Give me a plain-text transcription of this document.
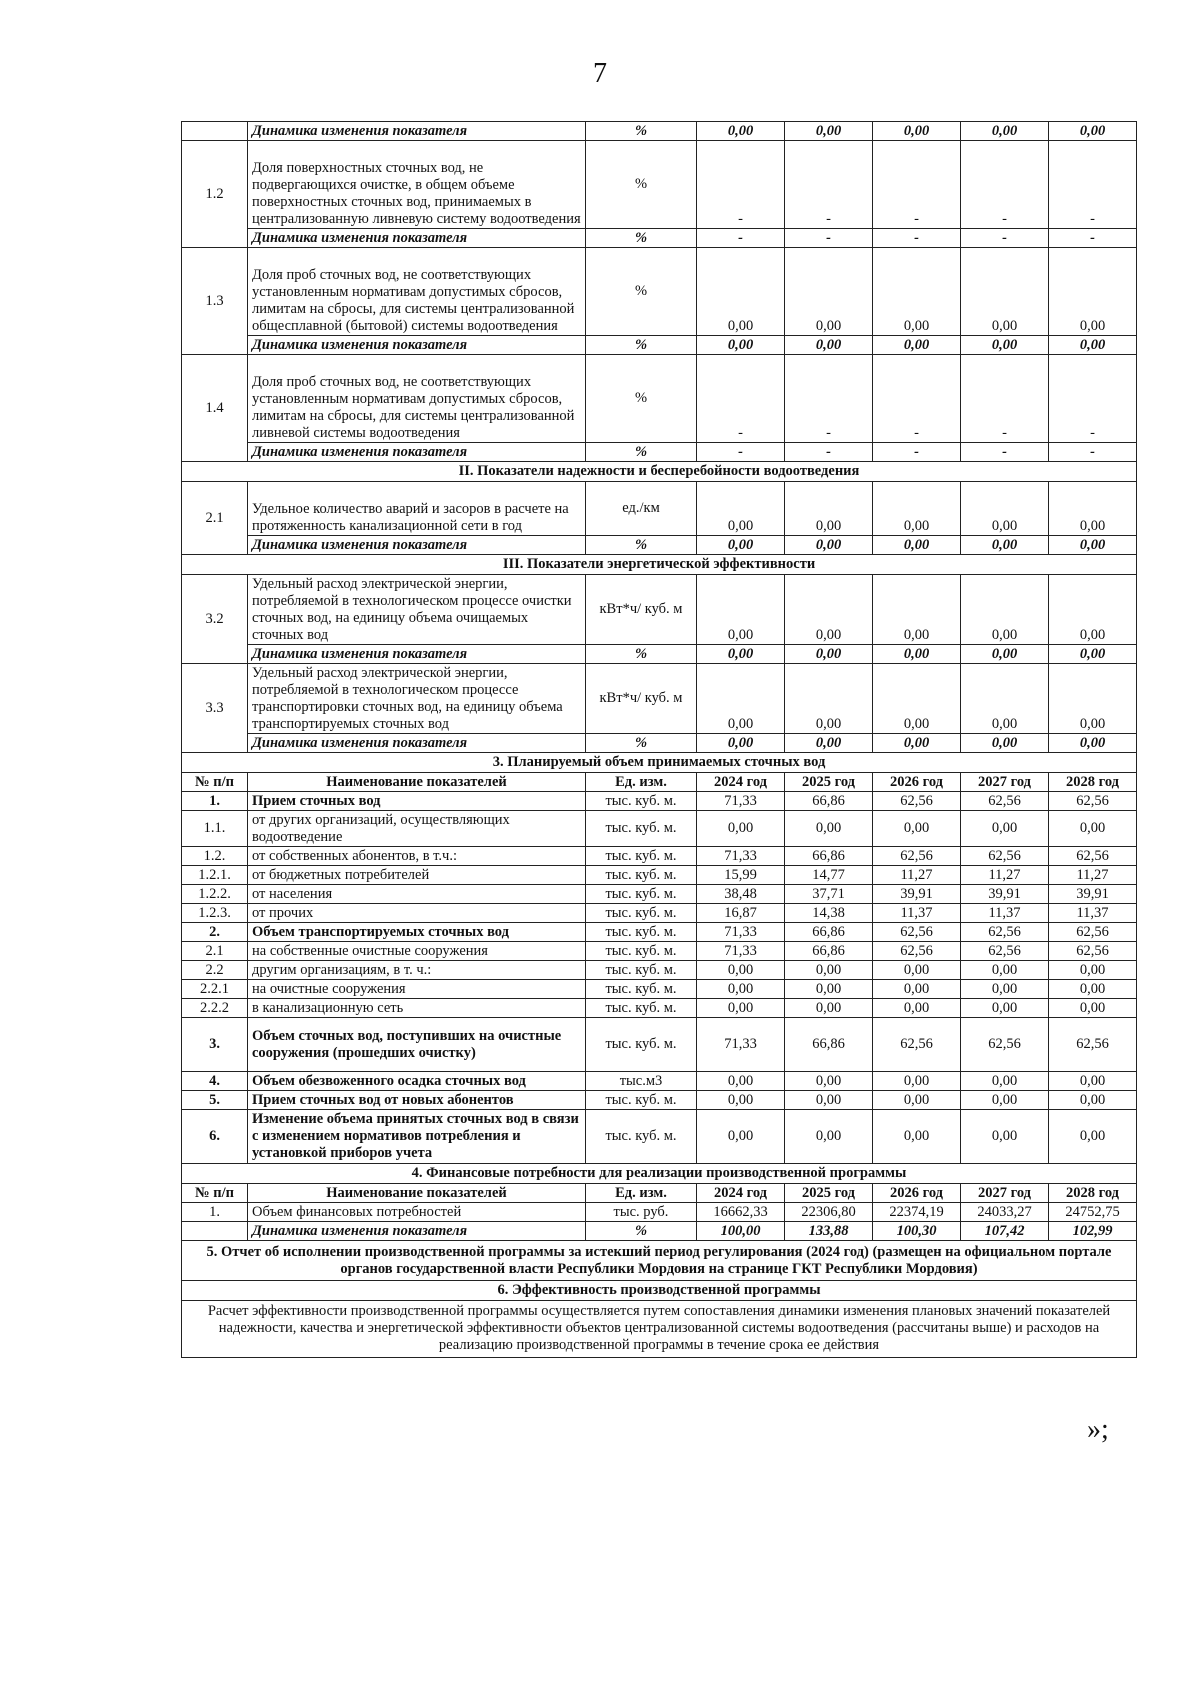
7
	Динамика изменения показателя	%	0,00	0,00	0,00	0,00	0,00
1.2	Доля поверхностных сточных вод, не подвергающихся очистке, в общем объеме поверхностных сточных вод, принимаемых в централизованную ливневую систему водоотведения	%	-	-	-	-	-
	Динамика изменения показателя	%	-	-	-	-	-
1.3	Доля проб сточных вод, не соответствующих установленным нормативам допустимых сбросов, лимитам на сбросы, для системы централизованной общесплавной (бытовой) системы водоотведения	%	0,00	0,00	0,00	0,00	0,00
	Динамика изменения показателя	%	0,00	0,00	0,00	0,00	0,00
1.4	Доля проб сточных вод, не соответствующих установленным нормативам допустимых сбросов, лимитам на сбросы, для системы централизованной ливневой системы водоотведения	%	-	-	-	-	-
	Динамика изменения показателя	%	-	-	-	-	-
II. Показатели надежности и бесперебойности водоотведения							
2.1	Удельное количество аварий и засоров в расчете на протяженность канализационной сети в год	ед./км	0,00	0,00	0,00	0,00	0,00
	Динамика изменения показателя	%	0,00	0,00	0,00	0,00	0,00
III. Показатели энергетической эффективности							
3.2	Удельный расход электрической энергии, потребляемой в технологическом процессе очистки сточных вод, на единицу объема очищаемых сточных вод	кВт*ч/ куб. м	0,00	0,00	0,00	0,00	0,00
	Динамика изменения показателя	%	0,00	0,00	0,00	0,00	0,00
3.3	Удельный расход электрической энергии, потребляемой в технологическом процессе транспортировки сточных вод, на единицу объема транспортируемых сточных вод	кВт*ч/ куб. м	0,00	0,00	0,00	0,00	0,00
	Динамика изменения показателя	%	0,00	0,00	0,00	0,00	0,00
3. Планируемый объем принимаемых сточных вод							
№ п/п	Наименование показателей	Ед. изм.	2024 год	2025 год	2026 год	2027 год	2028 год
1.	Прием сточных вод	тыс. куб. м.	71,33	66,86	62,56	62,56	62,56
1.1.	от других организаций, осуществляющих водоотведение	тыс. куб. м.	0,00	0,00	0,00	0,00	0,00
1.2.	от собственных абонентов, в т.ч.:	тыс. куб. м.	71,33	66,86	62,56	62,56	62,56
1.2.1.	от бюджетных потребителей	тыс. куб. м.	15,99	14,77	11,27	11,27	11,27
1.2.2.	от населения	тыс. куб. м.	38,48	37,71	39,91	39,91	39,91
1.2.3.	от прочих	тыс. куб. м.	16,87	14,38	11,37	11,37	11,37
2.	Объем транспортируемых сточных вод	тыс. куб. м.	71,33	66,86	62,56	62,56	62,56
2.1	на собственные очистные сооружения	тыс. куб. м.	71,33	66,86	62,56	62,56	62,56
2.2	другим организациям, в т. ч.:	тыс. куб. м.	0,00	0,00	0,00	0,00	0,00
2.2.1	на очистные сооружения	тыс. куб. м.	0,00	0,00	0,00	0,00	0,00
2.2.2	в канализационную сеть	тыс. куб. м.	0,00	0,00	0,00	0,00	0,00
3.	Объем сточных вод, поступивших на очистные сооружения (прошедших очистку)	тыс. куб. м.	71,33	66,86	62,56	62,56	62,56
4.	Объем обезвоженного осадка сточных вод	тыс.м3	0,00	0,00	0,00	0,00	0,00
5.	Прием сточных вод от новых абонентов	тыс. куб. м.	0,00	0,00	0,00	0,00	0,00
6.	Изменение объема принятых сточных вод в связи с изменением нормативов потребления и установкой приборов учета	тыс. куб. м.	0,00	0,00	0,00	0,00	0,00
4. Финансовые потребности для реализации производственной программы							
№ п/п	Наименование показателей	Ед. изм.	2024 год	2025 год	2026 год	2027 год	2028 год
1.	Объем финансовых потребностей	тыс. руб.	16662,33	22306,80	22374,19	24033,27	24752,75
	Динамика изменения показателя	%	100,00	133,88	100,30	107,42	102,99
5. Отчет об исполнении производственной программы за истекший период регулирования (2024 год) (размещен на официальном портале органов государственной власти Республики Мордовия на странице ГКТ Республики Мордовия)							
6. Эффективность производственной программы							
Расчет эффективности производственной программы осуществляется путем сопоставления динамики изменения плановых значений показателей надежности, качества и энергетической эффективности объектов централизованной системы водоотведения (рассчитаны выше) и расходов на реализацию производственной программы в течение срока ее действия							
»;
